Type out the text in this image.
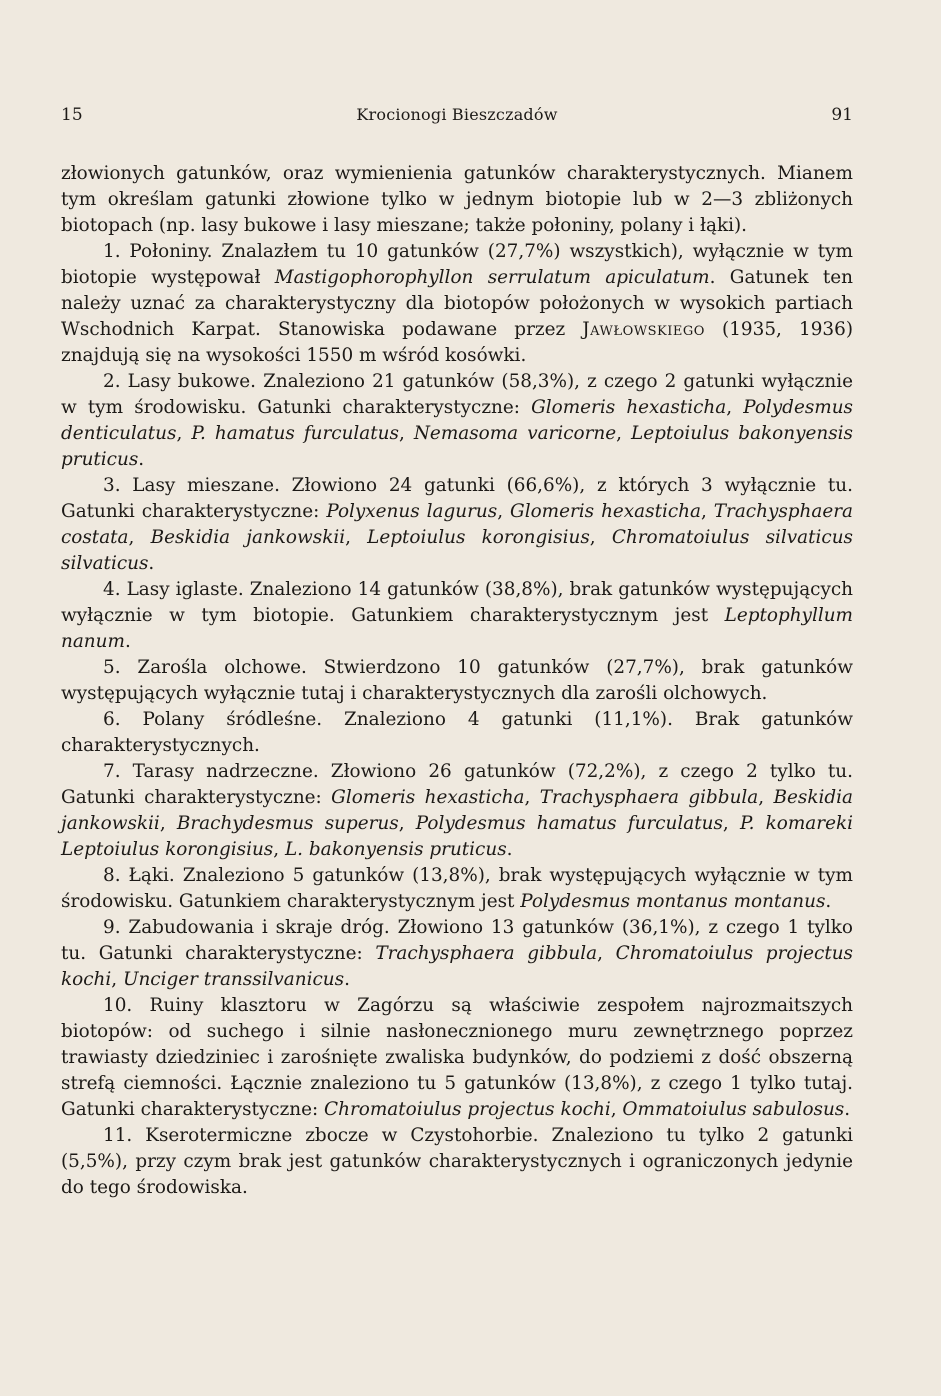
15	Krocionogi Bieszczadów	91

złowionych gatunków, oraz wymienienia gatunków charakterystycznych. Mianem tym określam gatunki złowione tylko w jednym biotopie lub w 2—3 zbliżonych biotopach (np. lasy bukowe i lasy mieszane; także połoniny, polany i łąki).

1. Połoniny. Znalazłem tu 10 gatunków (27,7%) wszystkich), wyłącznie w tym biotopie występował Mastigophorophyllon serrulatum apiculatum. Gatunek ten należy uznać za charakterystyczny dla biotopów położonych w wysokich partiach Wschodnich Karpat. Stanowiska podawane przez Jawłowskiego (1935, 1936) znajdują się na wysokości 1550 m wśród kosówki.

2. Lasy bukowe. Znaleziono 21 gatunków (58,3%), z czego 2 gatunki wyłącznie w tym środowisku. Gatunki charakterystyczne: Glomeris hexasticha, Polydesmus denticulatus, P. hamatus furculatus, Nemasoma varicorne, Leptoiulus bakonyensis pruticus.

3. Lasy mieszane. Złowiono 24 gatunki (66,6%), z których 3 wyłącznie tu. Gatunki charakterystyczne: Polyxenus lagurus, Glomeris hexasticha, Trachysphaera costata, Beskidia jankowskii, Leptoiulus korongisius, Chromatoiulus silvaticus silvaticus.

4. Lasy iglaste. Znaleziono 14 gatunków (38,8%), brak gatunków występujących wyłącznie w tym biotopie. Gatunkiem charakterystycznym jest Leptophyllum nanum.

5. Zarośla olchowe. Stwierdzono 10 gatunków (27,7%), brak gatunków występujących wyłącznie tutaj i charakterystycznych dla zarośli olchowych.

6. Polany śródleśne. Znaleziono 4 gatunki (11,1%). Brak gatunków charakterystycznych.

7. Tarasy nadrzeczne. Złowiono 26 gatunków (72,2%), z czego 2 tylko tu. Gatunki charakterystyczne: Glomeris hexasticha, Trachysphaera gibbula, Beskidia jankowskii, Brachydesmus superus, Polydesmus hamatus furculatus, P. komareki Leptoiulus korongisius, L. bakonyensis pruticus.

8. Łąki. Znaleziono 5 gatunków (13,8%), brak występujących wyłącznie w tym środowisku. Gatunkiem charakterystycznym jest Polydesmus montanus montanus.

9. Zabudowania i skraje dróg. Złowiono 13 gatunków (36,1%), z czego 1 tylko tu. Gatunki charakterystyczne: Trachysphaera gibbula, Chromatoiulus projectus kochi, Unciger transsilvanicus.

10. Ruiny klasztoru w Zagórzu są właściwie zespołem najrozmaitszych biotopów: od suchego i silnie nasłonecznionego muru zewnętrznego poprzez trawiasty dziedziniec i zarośnięte zwaliska budynków, do podziemi z dość obszerną strefą ciemności. Łącznie znaleziono tu 5 gatunków (13,8%), z czego 1 tylko tutaj. Gatunki charakterystyczne: Chromatoiulus projectus kochi, Ommatoiulus sabulosus.

11. Kserotermiczne zbocze w Czystohorbie. Znaleziono tu tylko 2 gatunki (5,5%), przy czym brak jest gatunków charakterystycznych i ograniczonych jedynie do tego środowiska.
